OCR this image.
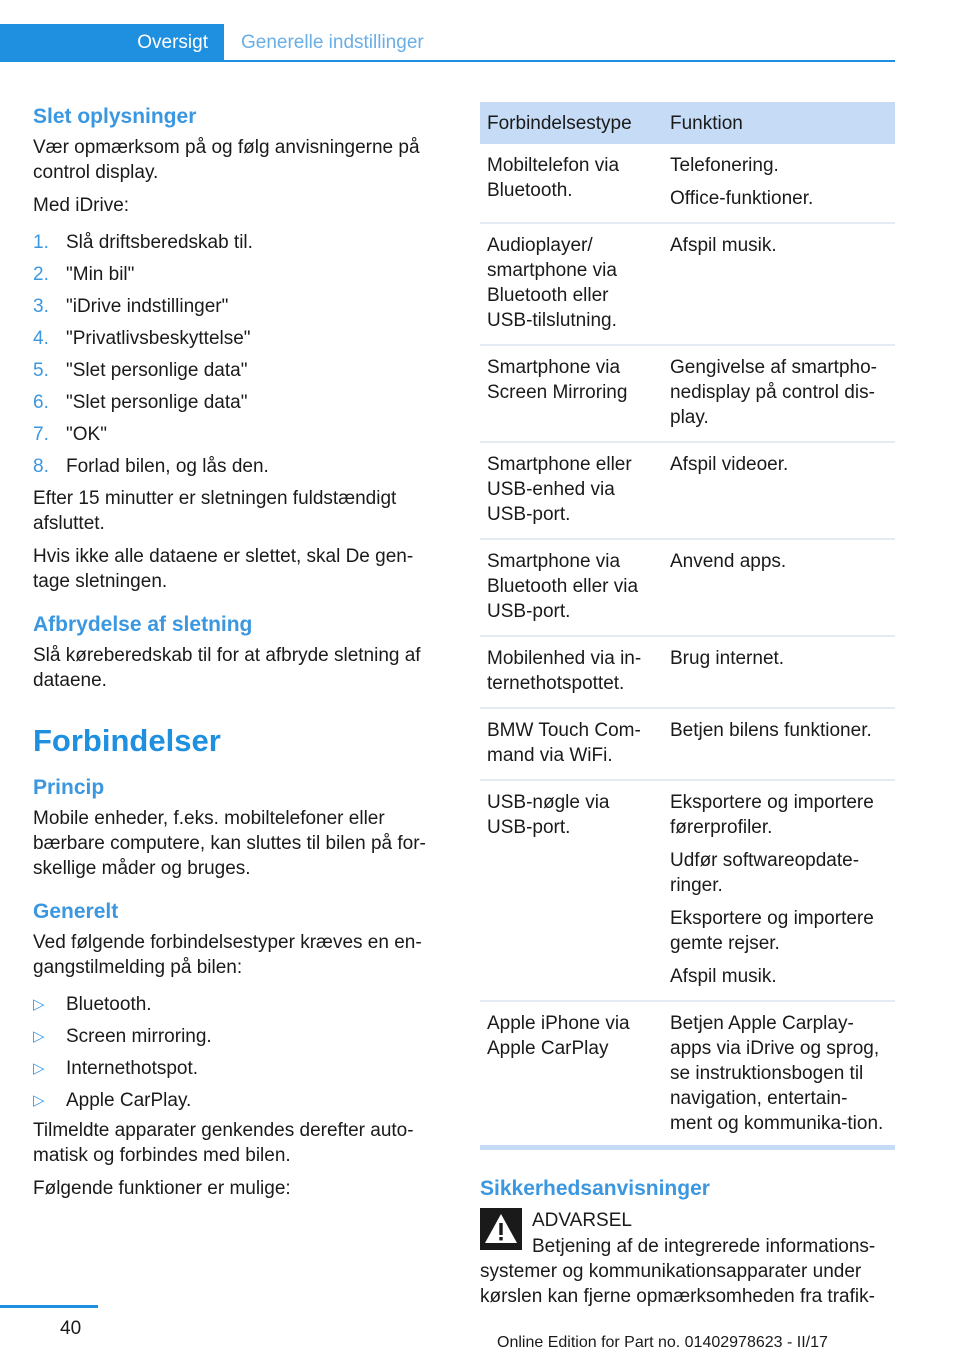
Oversigt	Generelle indstillinger
Slet oplysninger

Vær opmærksom på og følg anvisningerne på control display.

Med iDrive:

1. Slå driftsberedskab til.
2. "Min bil"
3. "iDrive indstillinger"
4. "Privatlivsbeskyttelse"
5. "Slet personlige data"
6. "Slet personlige data"
7. "OK"
8. Forlad bilen, og lås den.

Efter 15 minutter er sletningen fuldstændigt afsluttet.

Hvis ikke alle dataene er slettet, skal De gen-tage sletningen.

Afbrydelse af sletning

Slå køreberedskab til for at afbryde sletning af dataene.

Forbindelser
Princip

Mobile enheder, f.eks. mobiltelefoner eller bærbare computere, kan sluttes til bilen på for-skellige måder og bruges.

Generelt

Ved følgende forbindelsestyper kræves en en-gangstilmelding på bilen:

▷	Bluetooth.
▷	Screen mirroring.
▷	Internethotspot.
▷	Apple CarPlay.

Tilmeldte apparater genkendes derefter auto-matisk og forbindes med bilen.

Følgende funktioner er mulige:

Forbindelsestype	Funktion
Mobiltelefon via Bluetooth.	Telefonering.
Office-funktioner.

Audioplayer/ smartphone via Bluetooth eller USB-tilslutning.	Afspil musik.

Smartphone via Screen Mirroring	Gengivelse af smartpho-nedisplay på control dis-play.

Smartphone eller USB-enhed via USB-port.	Afspil videoer.

Smartphone via Bluetooth eller via USB-port.	Anvend apps.

Mobilenhed via in-ternethotspottet.	Brug internet.

BMW Touch Com-mand via WiFi.	Betjen bilens funktioner.

USB-nøgle via USB-port.	Eksportere og importere førerprofiler.
Udfør softwareopdate-ringer.
Eksportere og importere gemte rejser.
Afspil musik.

Apple iPhone via Apple CarPlay	Betjen Apple Carplay-apps via iDrive og sprog, se instruktionsbogen til navigation, entertain-ment og kommunika-tion.
Sikkerhedsanvisninger

ADVARSEL

Betjening af de integrerede informations-systemer og kommunikationsapparater under kørslen kan fjerne opmærksomheden fra trafik-

40
Online Edition for Part no. 01402978623 - II/17
